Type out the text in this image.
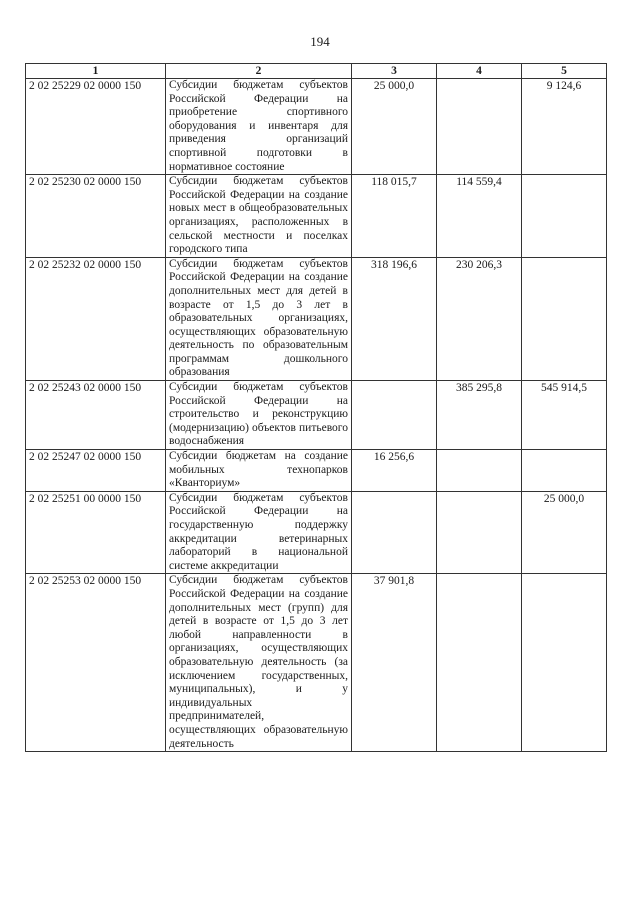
194
1	2	3	4	5
2 02 25229 02 0000 150	Субсидии бюджетам субъектов Российской Федерации на приобретение спортивного оборудования и инвентаря для приведения организаций спортивной подготовки в нормативное состояние	25 000,0		9 124,6
2 02 25230 02 0000 150	Субсидии бюджетам субъектов Российской Федерации на создание новых мест в общеобразовательных организациях, расположенных в сельской местности и поселках городского типа	118 015,7	114 559,4	
2 02 25232 02 0000 150	Субсидии бюджетам субъектов Российской Федерации на создание дополнительных мест для детей в возрасте от 1,5 до 3 лет в образовательных организациях, осуществляющих образовательную деятельность по образовательным программам дошкольного образования	318 196,6	230 206,3	
2 02 25243 02 0000 150	Субсидии бюджетам субъектов Российской Федерации на строительство и реконструкцию (модернизацию) объектов питьевого водоснабжения		385 295,8	545 914,5
2 02 25247 02 0000 150	Субсидии бюджетам на создание мобильных технопарков «Кванториум»	16 256,6		
2 02 25251 00 0000 150	Субсидии бюджетам субъектов Российской Федерации на государственную поддержку аккредитации ветеринарных лабораторий в национальной системе аккредитации			25 000,0
2 02 25253 02 0000 150	Субсидии бюджетам субъектов Российской Федерации на создание дополнительных мест (групп) для детей в возрасте от 1,5 до 3 лет любой направленности в организациях, осуществляющих образовательную деятельность (за исключением государственных, муниципальных), и у индивидуальных предпринимателей, осуществляющих образовательную деятельность	37 901,8		
